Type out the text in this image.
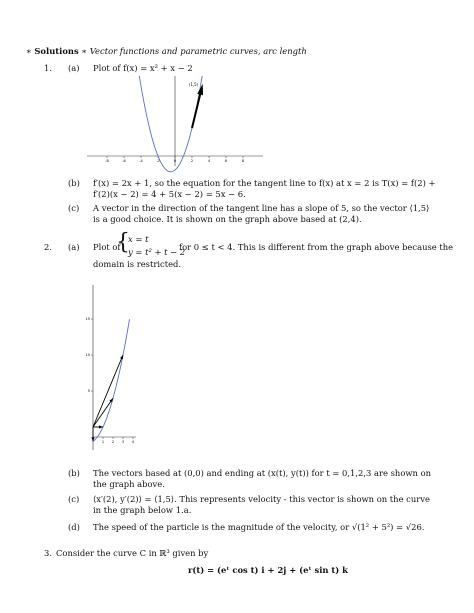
∗ Solutions ∗ Vector functions and parametric curves, arc length
1. (a) Plot of f(x) = x² + x − 2
-8	-6	-4	-2	0	2	4	6	8
⟨1,5⟩
(b) f′(x) = 2x + 1, so the equation for the tangent line to f(x) at x = 2 is T(x) = f(2) + f′(2)(x − 2) = 4 + 5(x − 2) = 5x − 6.
(c) A vector in the direction of the tangent line has a slope of 5, so the vector ⟨1,5⟩ is a good choice. It is shown on the graph above based at (2,4).
2. (a) Plot of
{
x = t
y = t² + t − 2
for 0 ≤ t < 4. This is different from the graph above because the
domain is restricted.
1 2 3 4
5
10
15
(b) The vectors based at (0,0) and ending at (x(t), y(t)) for t = 0,1,2,3 are shown on the graph above.
(c) ⟨x′(2), y′(2)⟩ = ⟨1,5⟩. This represents velocity - this vector is shown on the curve in the graph below 1.a.
(d) The speed of the particle is the magnitude of the velocity, or √(1² + 5²) = √26.
3. Consider the curve C in ℝ³ given by
r(t) = (eᵗ cos t) i + 2j + (eᵗ sin t) k
